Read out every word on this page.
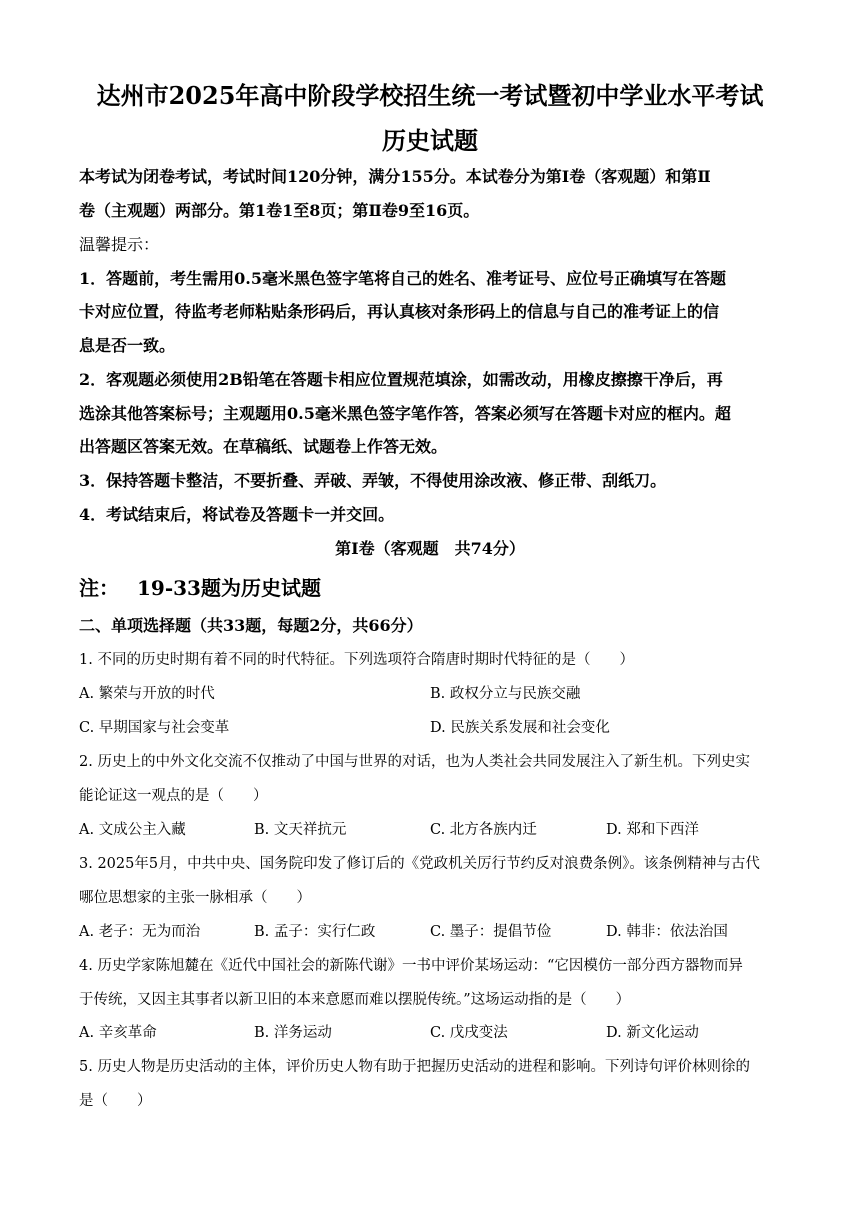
达州市2025年高中阶段学校招生统一考试暨初中学业水平考试
历史试题
本考试为闭卷考试，考试时间120分钟，满分155分。本试卷分为第Ⅰ卷（客观题）和第Ⅱ
卷（主观题）两部分。第1卷1至8页；第Ⅱ卷9至16页。
温馨提示：
1．答题前，考生需用0.5毫米黑色签字笔将自己的姓名、准考证号、应位号正确填写在答题
卡对应位置，待监考老师粘贴条形码后，再认真核对条形码上的信息与自己的准考证上的信
息是否一致。
2．客观题必须使用2B铅笔在答题卡相应位置规范填涂，如需改动，用橡皮擦擦干净后，再
选涂其他答案标号；主观题用0.5毫米黑色签字笔作答，答案必须写在答题卡对应的框内。超
出答题区答案无效。在草稿纸、试题卷上作答无效。
3．保持答题卡整洁，不要折叠、弄破、弄皱，不得使用涂改液、修正带、刮纸刀。
4．考试结束后，将试卷及答题卡一并交回。
第Ⅰ卷（客观题　共74分）
注： 19-33题为历史试题
二、单项选择题（共33题，每题2分，共66分）
1. 不同的历史时期有着不同的时代特征。下列选项符合隋唐时期时代特征的是（　　）
A. 繁荣与开放的时代	B. 政权分立与民族交融
C. 早期国家与社会变革	D. 民族关系发展和社会变化
2. 历史上的中外文化交流不仅推动了中国与世界的对话，也为人类社会共同发展注入了新生机。下列史实
能论证这一观点的是（　　）
A. 文成公主入藏	B. 文天祥抗元	C. 北方各族内迁	D. 郑和下西洋
3. 2025年5月，中共中央、国务院印发了修订后的《党政机关厉行节约反对浪费条例》。该条例精神与古代
哪位思想家的主张一脉相承（　　）
A. 老子：无为而治	B. 孟子：实行仁政	C. 墨子：提倡节俭	D. 韩非：依法治国
4. 历史学家陈旭麓在《近代中国社会的新陈代谢》一书中评价某场运动：“它因模仿一部分西方器物而异
于传统，又因主其事者以新卫旧的本来意愿而难以摆脱传统。”这场运动指的是（　　）
A. 辛亥革命	B. 洋务运动	C. 戊戌变法	D. 新文化运动
5. 历史人物是历史活动的主体，评价历史人物有助于把握历史活动的进程和影响。下列诗句评价林则徐的
是（　　）
